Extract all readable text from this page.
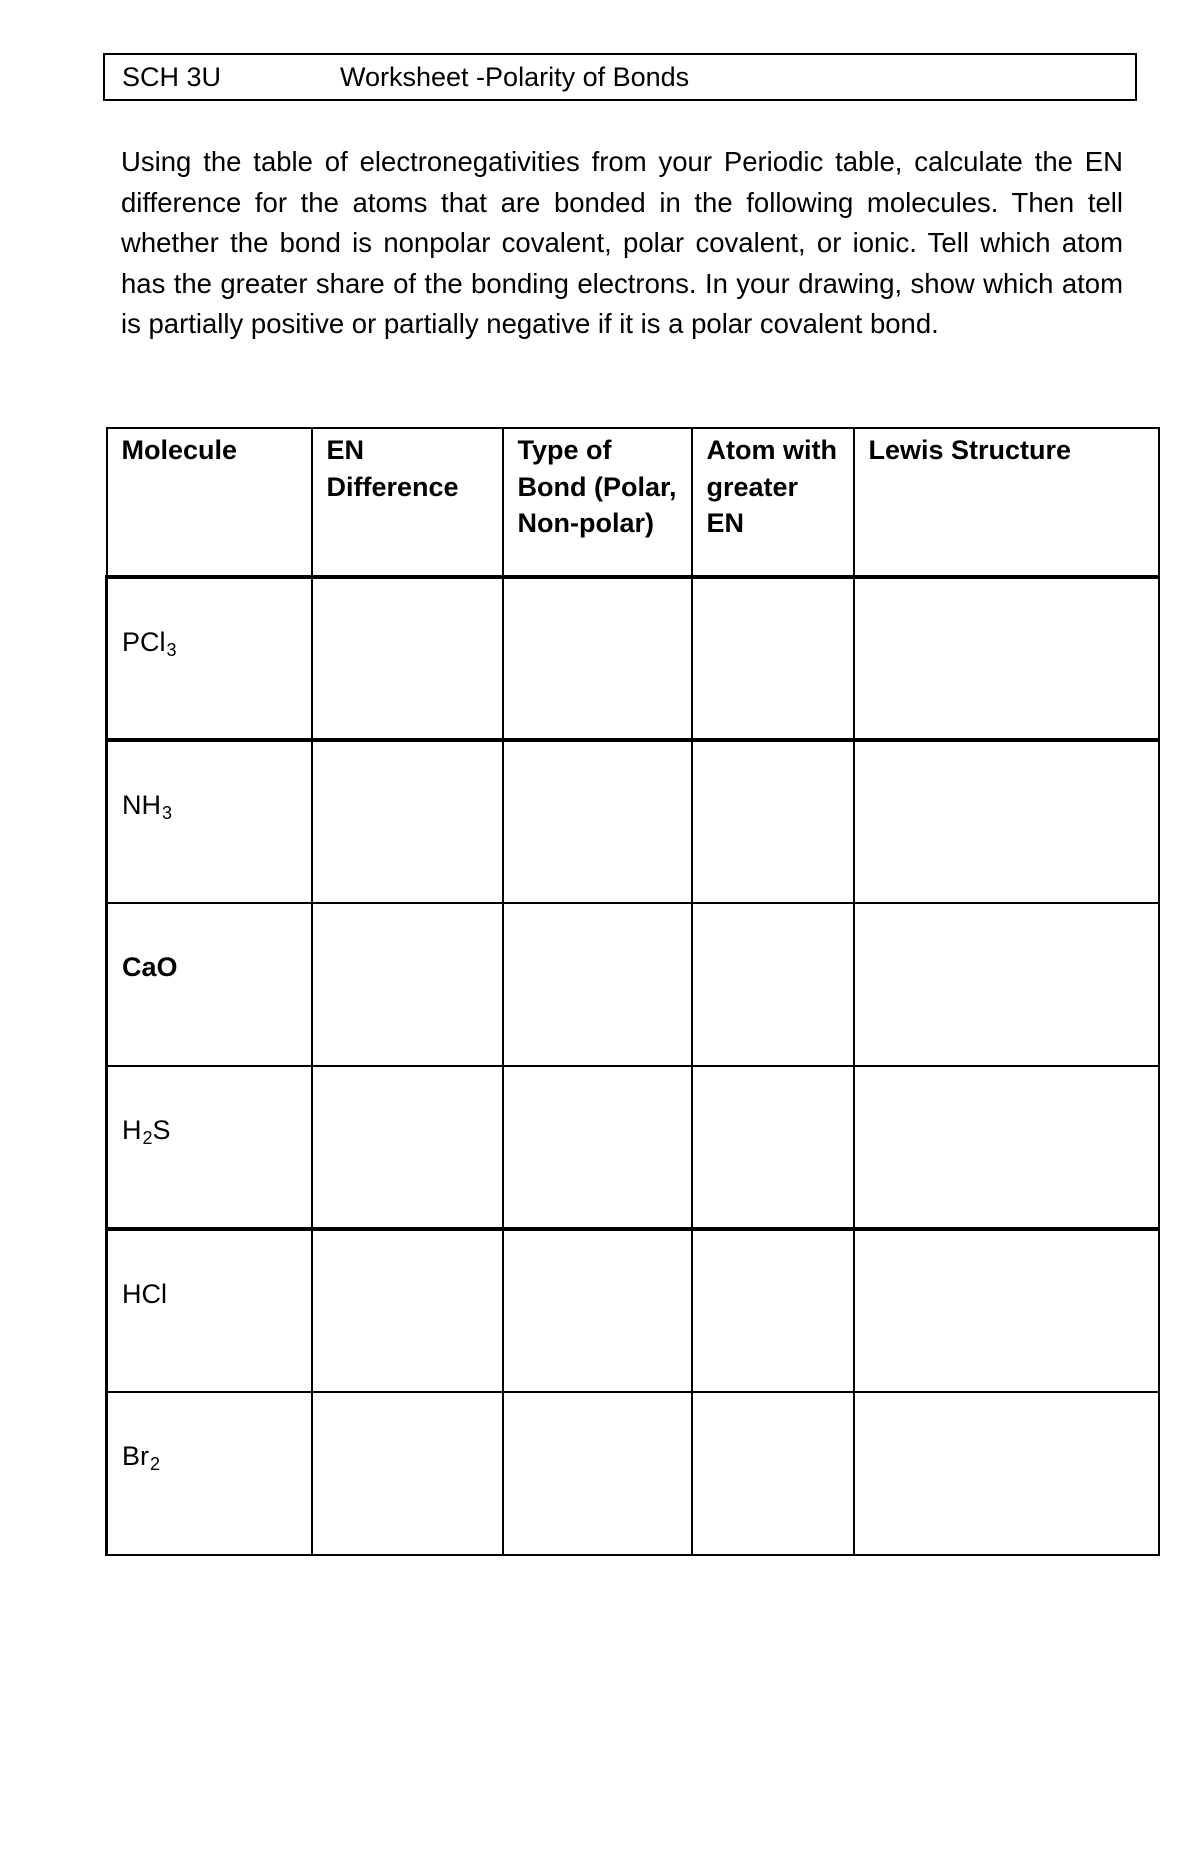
SCH 3U	Worksheet -Polarity of Bonds

Using the table of electronegativities from your Periodic table, calculate the EN difference for the atoms that are bonded in the following molecules. Then tell whether the bond is nonpolar covalent, polar covalent, or ionic. Tell which atom has the greater share of the bonding electrons. In your drawing, show which atom is partially positive or partially negative if it is a polar covalent bond.

Molecule	EN Difference	Type of Bond (Polar, Non-polar)	Atom with greater EN	Lewis Structure
PCl$_3$				
$NH_3$				
CaO				
$H_2S$				
HCl				
$Br_2$				
